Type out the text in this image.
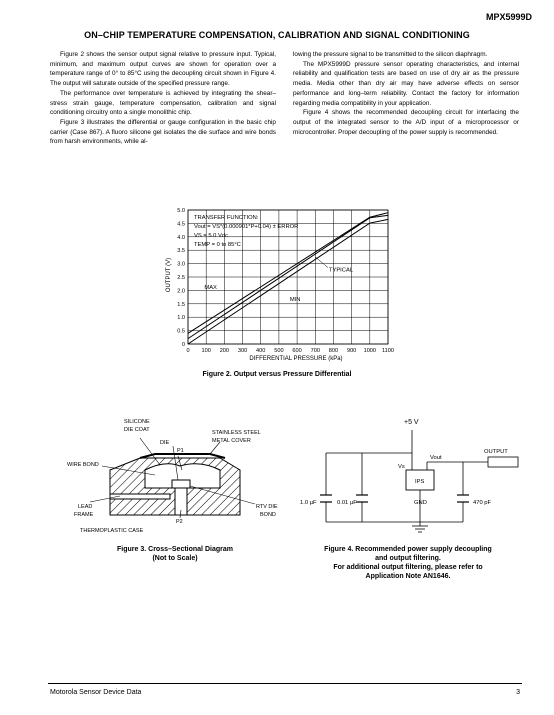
MPX5999D
ON–CHIP TEMPERATURE COMPENSATION, CALIBRATION AND SIGNAL CONDITIONING

Figure 2 shows the sensor output signal relative to pressure input. Typical, minimum, and maximum output curves are shown for operation over a temperature range of 0° to 85°C using the decoupling circuit shown in Figure 4. The output will saturate outside of the specified pressure range.

The performance over temperature is achieved by integrating the shear–stress strain gauge, temperature compensation, calibration and signal conditioning circuitry onto a single monolithic chip.

Figure 3 illustrates the differential or gauge configuration in the basic chip carrier (Case 867). A fluoro silicone gel isolates the die surface and wire bonds from harsh environments, while al-

lowing the pressure signal to be transmitted to the silicon diaphragm.

The MPX5999D pressure sensor operating characteristics, and internal reliability and qualification tests are based on use of dry air as the pressure media. Media other than dry air may have adverse effects on sensor performance and long–term reliability. Contact the factory for information regarding media compatibility in your application.

Figure 4 shows the recommended decoupling circuit for interfacing the output of the integrated sensor to the A/D input of a microprocessor or microcontroller. Proper decoupling of the power supply is recommended.

0 100 200 300 400 500 600 700 800 900 1000 1100
0
0.5
1.0
1.5
2.0
2.5
3.0
3.5
4.0
4.5
5.0
MAX
TYPICAL
MIN
TRANSFER FUNCTION:
Vout = VS*(0.000901*P+0.04) ± ERROR
VS = 5.0 Vdc
TEMP = 0 to 85°C
OUTPUT (V)
DIFFERENTIAL PRESSURE (kPa)
Figure 2. Output versus Pressure Differential
SILICONE
DIE COAT	STAINLESS STEEL
METAL COVER
DIE
P1
WIRE BOND
LEAD
FRAME
RTV DIE
BOND
P2
THERMOPLASTIC CASE
Figure 3. Cross–Sectional Diagram
(Not to Scale)
+5 V
Vout
OUTPUT
Vs
IPS
GND
1.0 µF	0.01 µF	470 pF
Figure 4. Recommended power supply decoupling
and output filtering.
For additional output filtering, please refer to
Application Note AN1646.
Motorola Sensor Device Data	3
